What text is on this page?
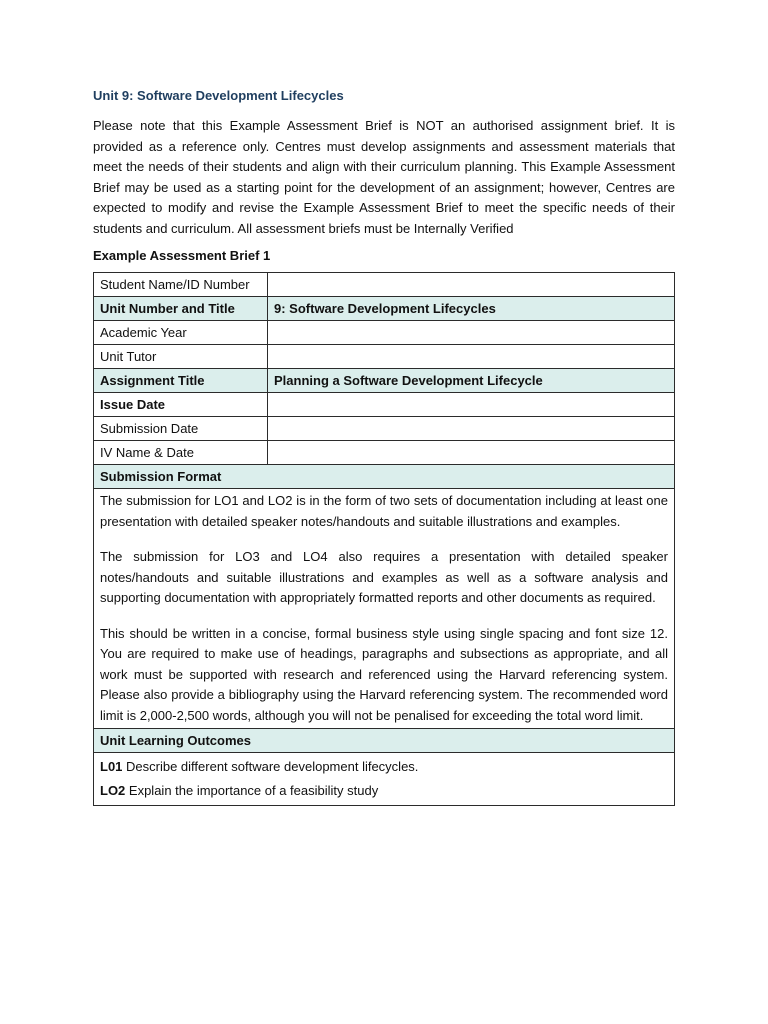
Unit 9: Software Development Lifecycles

Please note that this Example Assessment Brief is NOT an authorised assignment brief. It is provided as a reference only. Centres must develop assignments and assessment materials that meet the needs of their students and align with their curriculum planning. This Example Assessment Brief may be used as a starting point for the development of an assignment; however, Centres are expected to modify and revise the Example Assessment Brief to meet the specific needs of their students and curriculum. All assessment briefs must be Internally Verified

Example Assessment Brief 1
Student Name/ID Number	
Unit Number and Title	9: Software Development Lifecycles
Academic Year	
Unit Tutor	
Assignment Title	Planning a Software Development Lifecycle
Issue Date	
Submission Date	
IV Name & Date	
Submission Format	

The submission for LO1 and LO2 is in the form of two sets of documentation including at least one presentation with detailed speaker notes/handouts and suitable illustrations and examples.

The submission for LO3 and LO4 also requires a presentation with detailed speaker notes/handouts and suitable illustrations and examples as well as a software analysis and supporting documentation with appropriately formatted reports and other documents as required.

This should be written in a concise, formal business style using single spacing and font size 12. You are required to make use of headings, paragraphs and subsections as appropriate, and all work must be supported with research and referenced using the Harvard referencing system. Please also provide a bibliography using the Harvard referencing system. The recommended word limit is 2,000-2,500 words, although you will not be penalised for exceeding the total word limit.	

Unit Learning Outcomes	

L01 Describe different software development lifecycles.
LO2 Explain the importance of a feasibility study	
